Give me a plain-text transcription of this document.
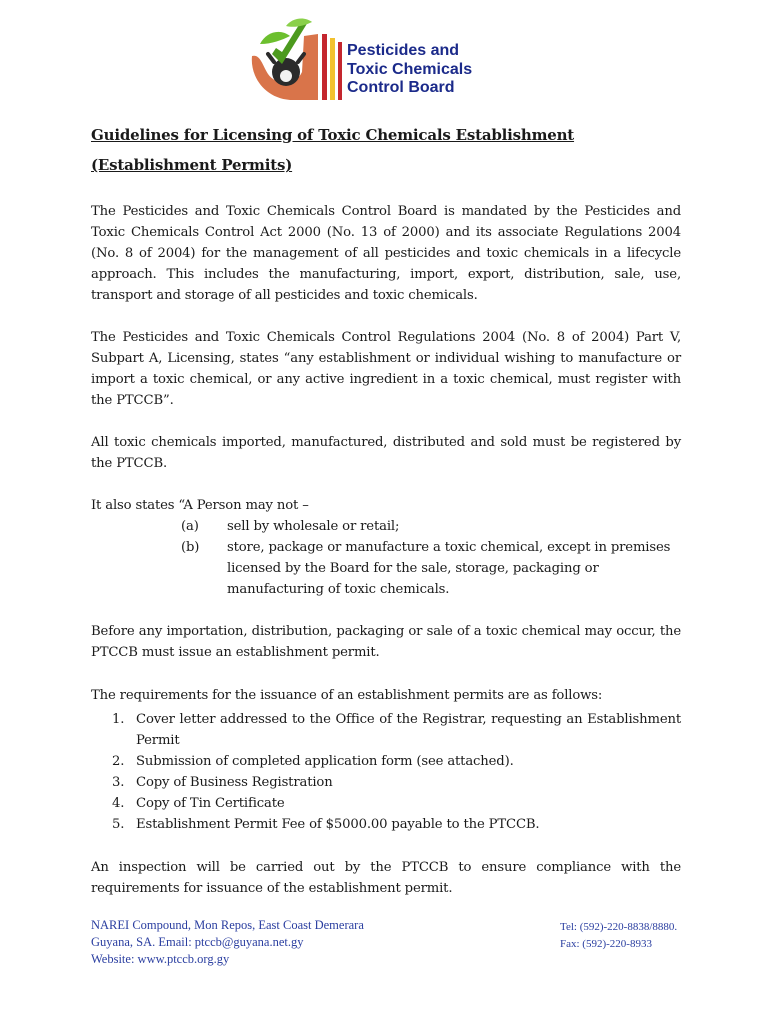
Pesticides and
Toxic Chemicals
Control Board
Guidelines for Licensing of Toxic Chemicals Establishment
(Establishment Permits)

The Pesticides and Toxic Chemicals Control Board is mandated by the Pesticides and Toxic Chemicals Control Act 2000 (No. 13 of 2000) and its associate Regulations 2004 (No. 8 of 2004) for the management of all pesticides and toxic chemicals in a lifecycle approach. This includes the manufacturing, import, export, distribution, sale, use, transport and storage of all pesticides and toxic chemicals.

The Pesticides and Toxic Chemicals Control Regulations 2004 (No. 8 of 2004) Part V, Subpart A, Licensing, states “any establishment or individual wishing to manufacture or import a toxic chemical, or any active ingredient in a toxic chemical, must register with the PTCCB”.

All toxic chemicals imported, manufactured, distributed and sold must be registered by the PTCCB.

It also states “A Person may not –

(a) sell by wholesale or retail;
(b) store, package or manufacture a toxic chemical, except in premises licensed by the Board for the sale, storage, packaging or manufacturing of toxic chemicals.

Before any importation, distribution, packaging or sale of a toxic chemical may occur, the PTCCB must issue an establishment permit.

The requirements for the issuance of an establishment permits are as follows:

1. Cover letter addressed to the Office of the Registrar, requesting an Establishment Permit
2. Submission of completed application form (see attached).
3. Copy of Business Registration
4. Copy of Tin Certificate
5. Establishment Permit Fee of $5000.00 payable to the PTCCB.

An inspection will be carried out by the PTCCB to ensure compliance with the requirements for issuance of the establishment permit.

NAREI Compound, Mon Repos, East Coast Demerara
Guyana, SA. Email: ptccb@guyana.net.gy
Website: www.ptccb.org.gy
Tel: (592)-220-8838/8880.
Fax: (592)-220-8933
